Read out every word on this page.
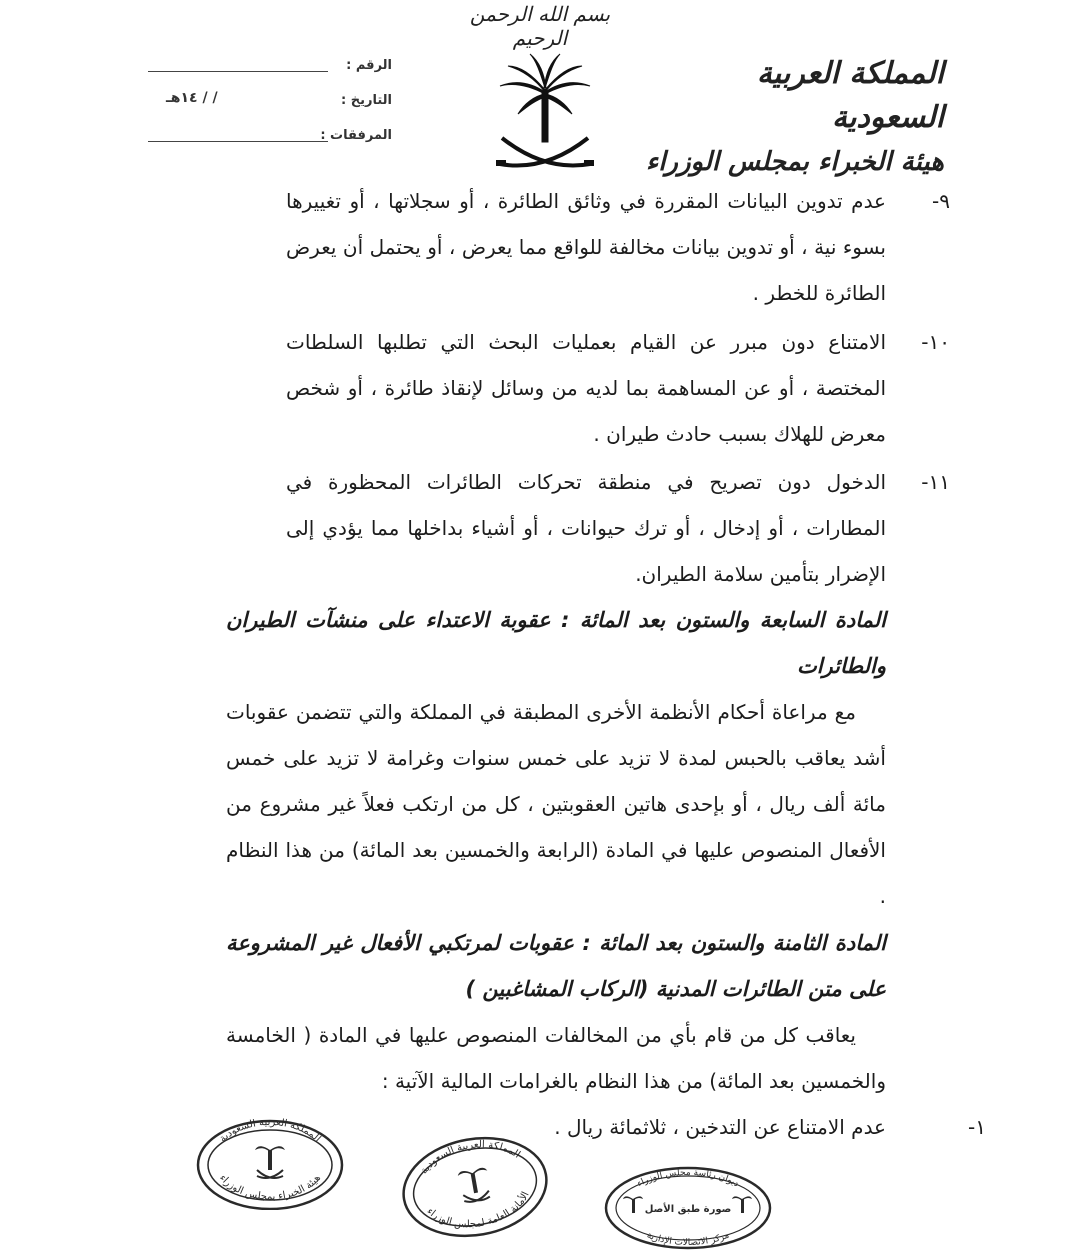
بسم الله الرحمن الرحيم
المملكة العربية السعودية
هيئة الخبراء بمجلس الوزراء
الرقم :
التاريخ :
/ / ١٤هـ
المرفقات :
٩-
عدم تدوين البيانات المقررة في وثائق الطائرة ، أو سجلاتها ، أو تغييرها بسوء نية ، أو تدوين بيانات مخالفة للواقع مما يعرض ، أو يحتمل أن يعرض الطائرة للخطر .
١٠-
الامتناع دون مبرر عن القيام بعمليات البحث التي تطلبها السلطات المختصة ، أو عن المساهمة بما لديه من وسائل لإنقاذ طائرة ، أو شخص معرض للهلاك بسبب حادث طيران .
١١-
الدخول دون تصريح في منطقة تحركات الطائرات المحظورة في المطارات ، أو إدخال ، أو ترك حيوانات ، أو أشياء بداخلها مما يؤدي إلى الإضرار بتأمين سلامة الطيران.
المادة السابعة والستون بعد المائة : عقوبة الاعتداء على منشآت الطيران والطائرات
مع مراعاة أحكام الأنظمة الأخرى المطبقة في المملكة والتي تتضمن عقوبات أشد يعاقب بالحبس لمدة لا تزيد على خمس سنوات وغرامة لا تزيد على خمس مائة ألف ريال ، أو بإحدى هاتين العقوبتين ، كل من ارتكب فعلاً غير مشروع من الأفعال المنصوص عليها في المادة (الرابعة والخمسين بعد المائة) من هذا النظام .
المادة الثامنة والستون بعد المائة : عقوبات لمرتكبي الأفعال غير المشروعة على متن الطائرات المدنية (الركاب المشاغبين )
يعاقب كل من قام بأي من المخالفات المنصوص عليها في المادة ( الخامسة والخمسين بعد المائة) من هذا النظام بالغرامات المالية الآتية :
١-
عدم الامتناع عن التدخين ، ثلاثمائة ريال .
المملكة العربية السعودية
هيئة الخبراء بمجلس الوزراء
المملكة العربية السعودية
الأمانة العامة لمجلس الوزراء
ديوان رئاسة مجلس الوزراء
مركز الاتصالات الإدارية
صورة طبق الأصل
